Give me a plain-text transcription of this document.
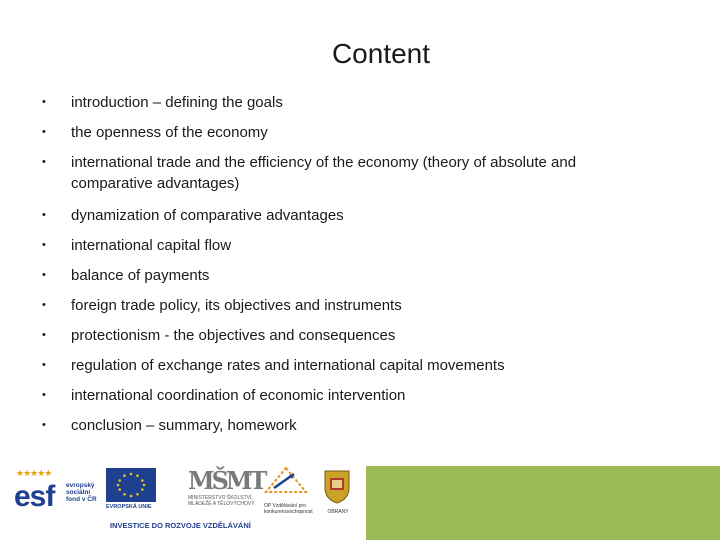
Content
• introduction – defining the goals
• the openness of the economy
• international trade and the efficiency of the economy (theory of absolute and comparative advantages)
• dynamization of comparative advantages
• international capital flow
• balance of payments
• foreign trade policy, its objectives and instruments
• protectionism - the objectives and consequences
• regulation of exchange rates and international capital movements
• international coordination of economic intervention
• conclusion – summary, homework
★★★★★
esf evropský sociální fond v ČR
EVROPSKÁ UNIE
MŠMT
MINISTERSTVO ŠKOLSTVÍ, MLÁDEŽE A TĚLOVÝCHOVY	OP Vzdělávání pro konkurenceschopnost	OBRANY
INVESTICE DO ROZVOJE VZDĚLÁVÁNÍ
